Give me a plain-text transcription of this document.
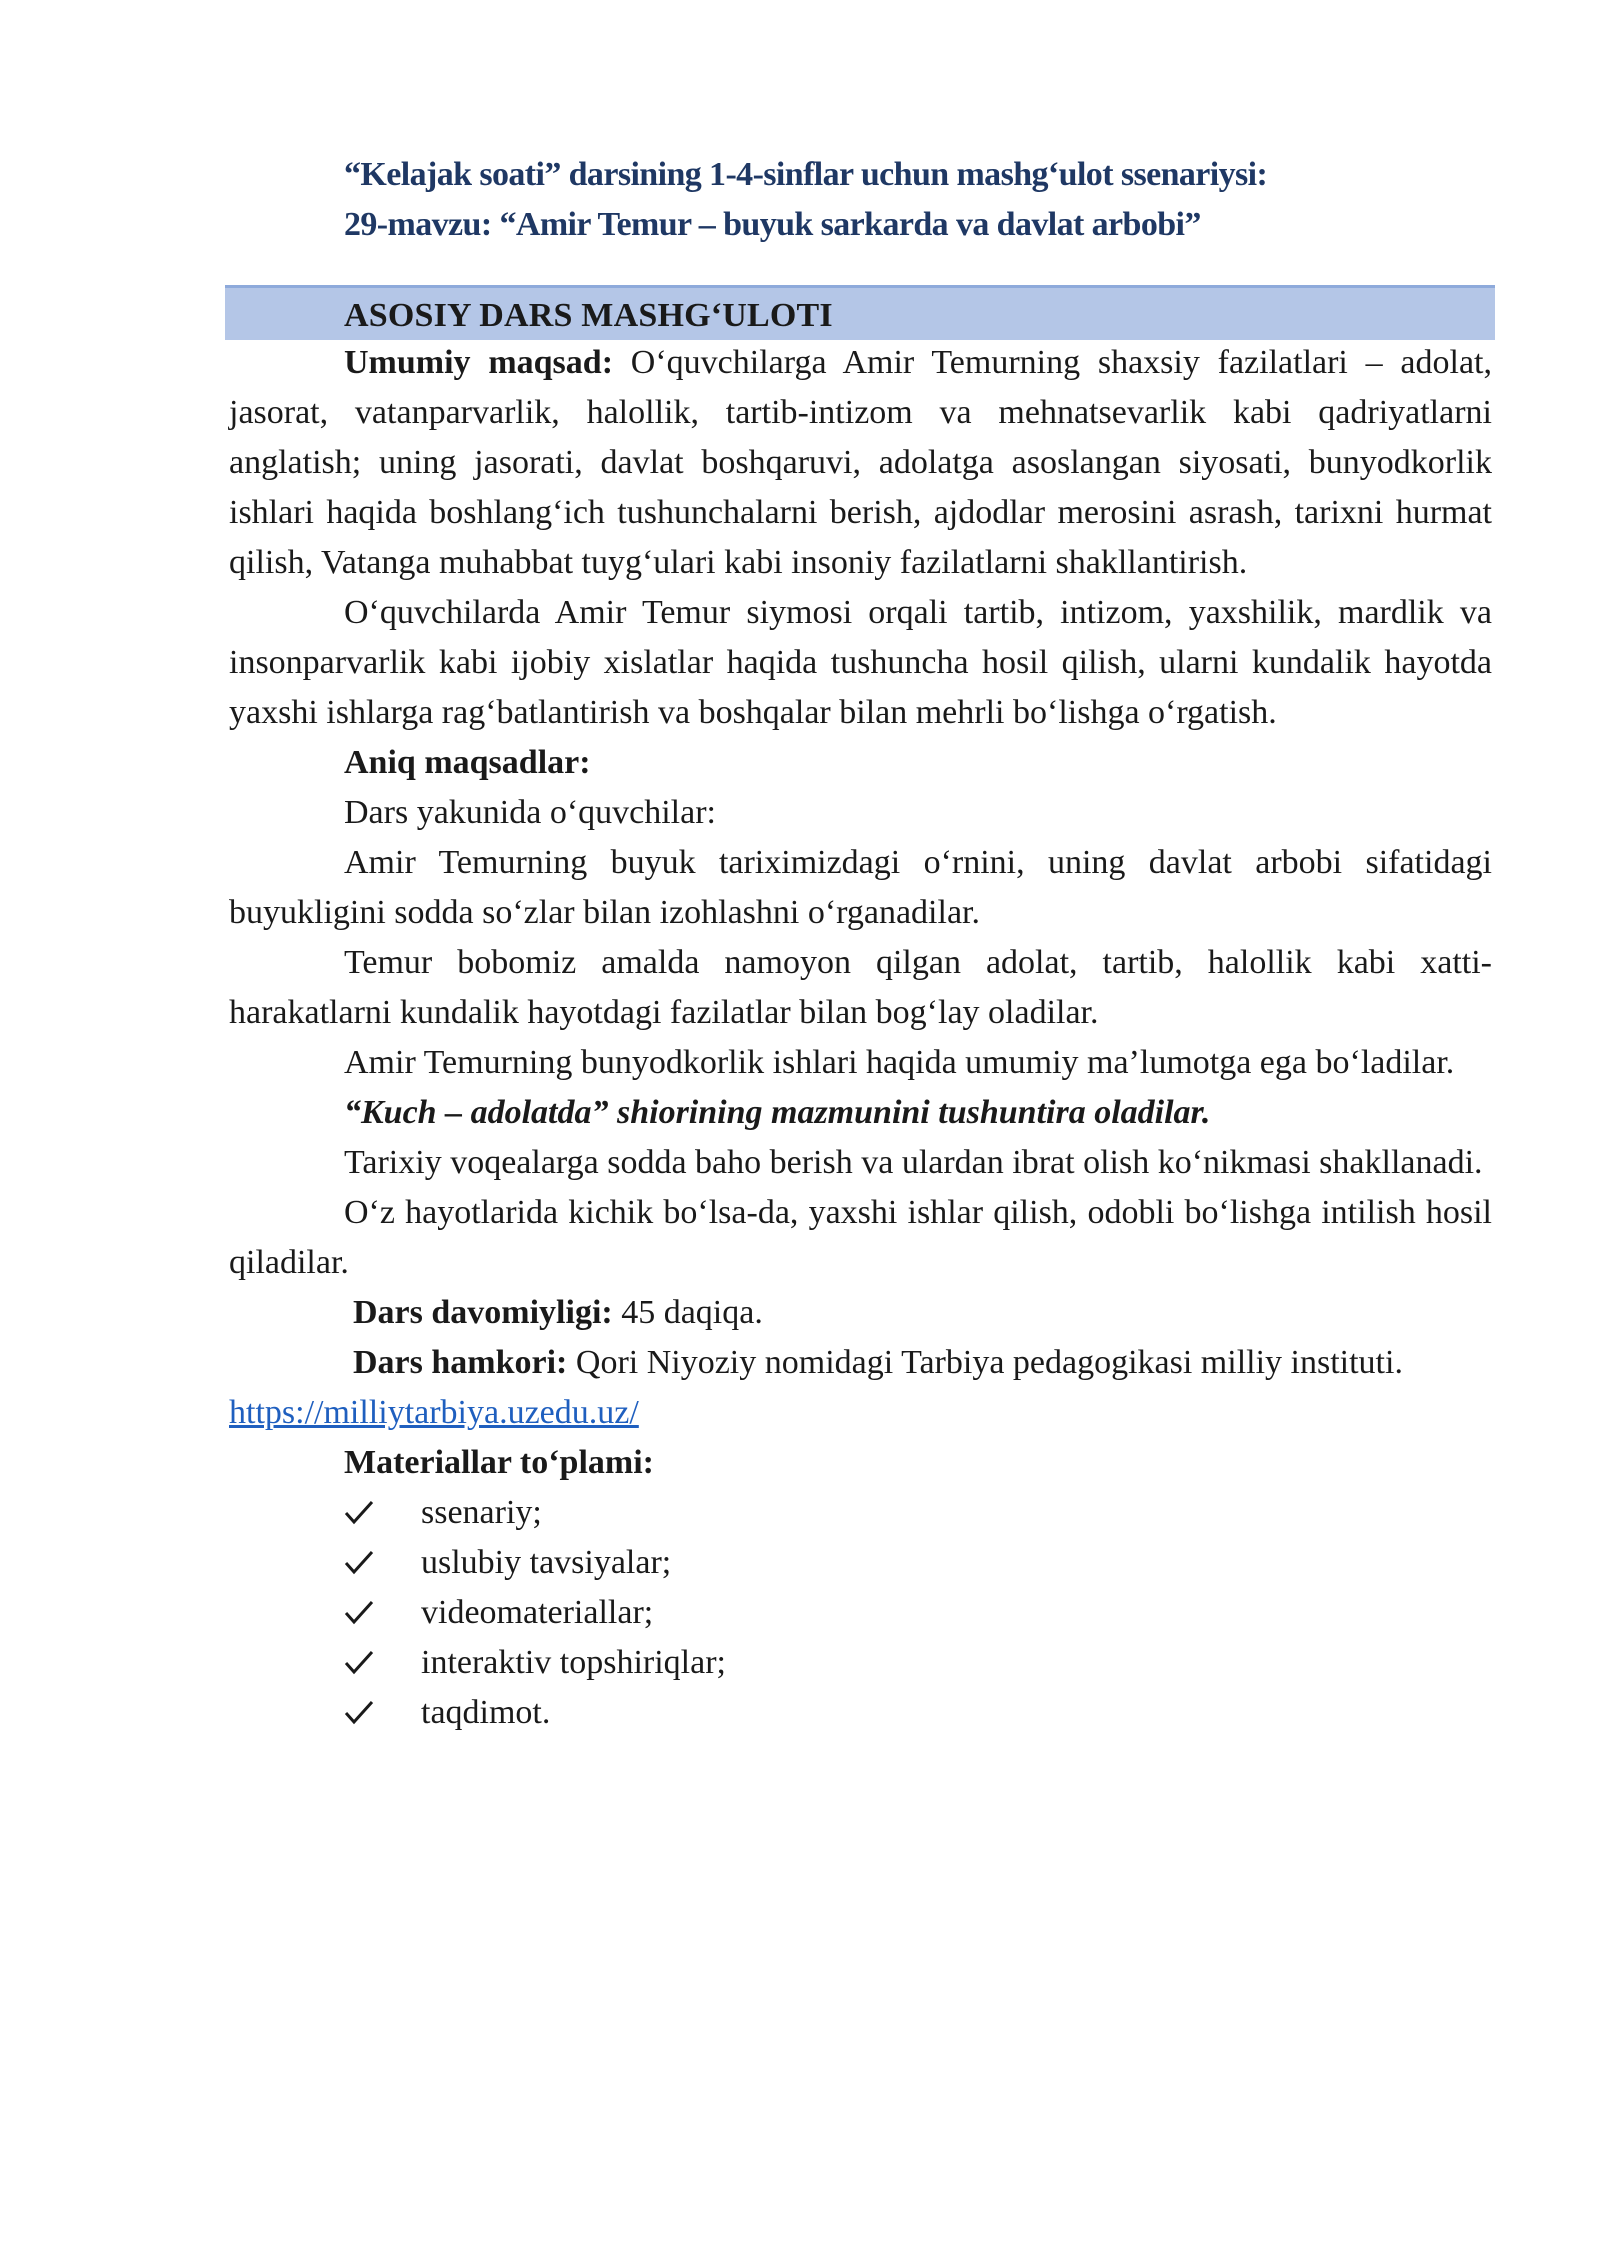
“Kelajak soati” darsining 1-4-sinflar uchun mashg‘ulot ssenariysi:
29-mavzu: “Amir Temur – buyuk sarkarda va davlat arbobi”
ASOSIY DARS MASHG‘ULOTI

Umumiy maqsad: O‘quvchilarga Amir Temurning shaxsiy fazilatlari – adolat, jasorat, vatanparvarlik, halollik, tartib-intizom va mehnatsevarlik kabi qadriyatlarni anglatish; uning jasorati, davlat boshqaruvi, adolatga asoslangan siyosati, bunyodkorlik ishlari haqida boshlang‘ich tushunchalarni berish, ajdodlar merosini asrash, tarixni hurmat qilish, Vatanga muhabbat tuyg‘ulari kabi insoniy fazilatlarni shakllantirish.

O‘quvchilarda Amir Temur siymosi orqali tartib, intizom, yaxshilik, mardlik va insonparvarlik kabi ijobiy xislatlar haqida tushuncha hosil qilish, ularni kundalik hayotda yaxshi ishlarga rag‘batlantirish va boshqalar bilan mehrli bo‘lishga o‘rgatish.

Aniq maqsadlar:

Dars yakunida o‘quvchilar:

Amir Temurning buyuk tariximizdagi o‘rnini, uning davlat arbobi sifatidagi buyukligini sodda so‘zlar bilan izohlashni o‘rganadilar.

Temur bobomiz amalda namoyon qilgan adolat, tartib, halollik kabi xatti-harakatlarni kundalik hayotdagi fazilatlar bilan bog‘lay oladilar.

Amir Temurning bunyodkorlik ishlari haqida umumiy ma’lumotga ega bo‘ladilar.

“Kuch – adolatda” shiorining mazmunini tushuntira oladilar.

Tarixiy voqealarga sodda baho berish va ulardan ibrat olish ko‘nikmasi shakllanadi.

O‘z hayotlarida kichik bo‘lsa-da, yaxshi ishlar qilish, odobli bo‘lishga intilish hosil qiladilar.

Dars davomiyligi: 45 daqiqa.

Dars hamkori: Qori Niyoziy nomidagi Tarbiya pedagogikasi milliy instituti. https://milliytarbiya.uzedu.uz/

Materiallar to‘plami:

ssenariy;
uslubiy tavsiyalar;
videomateriallar;
interaktiv topshiriqlar;
taqdimot.
